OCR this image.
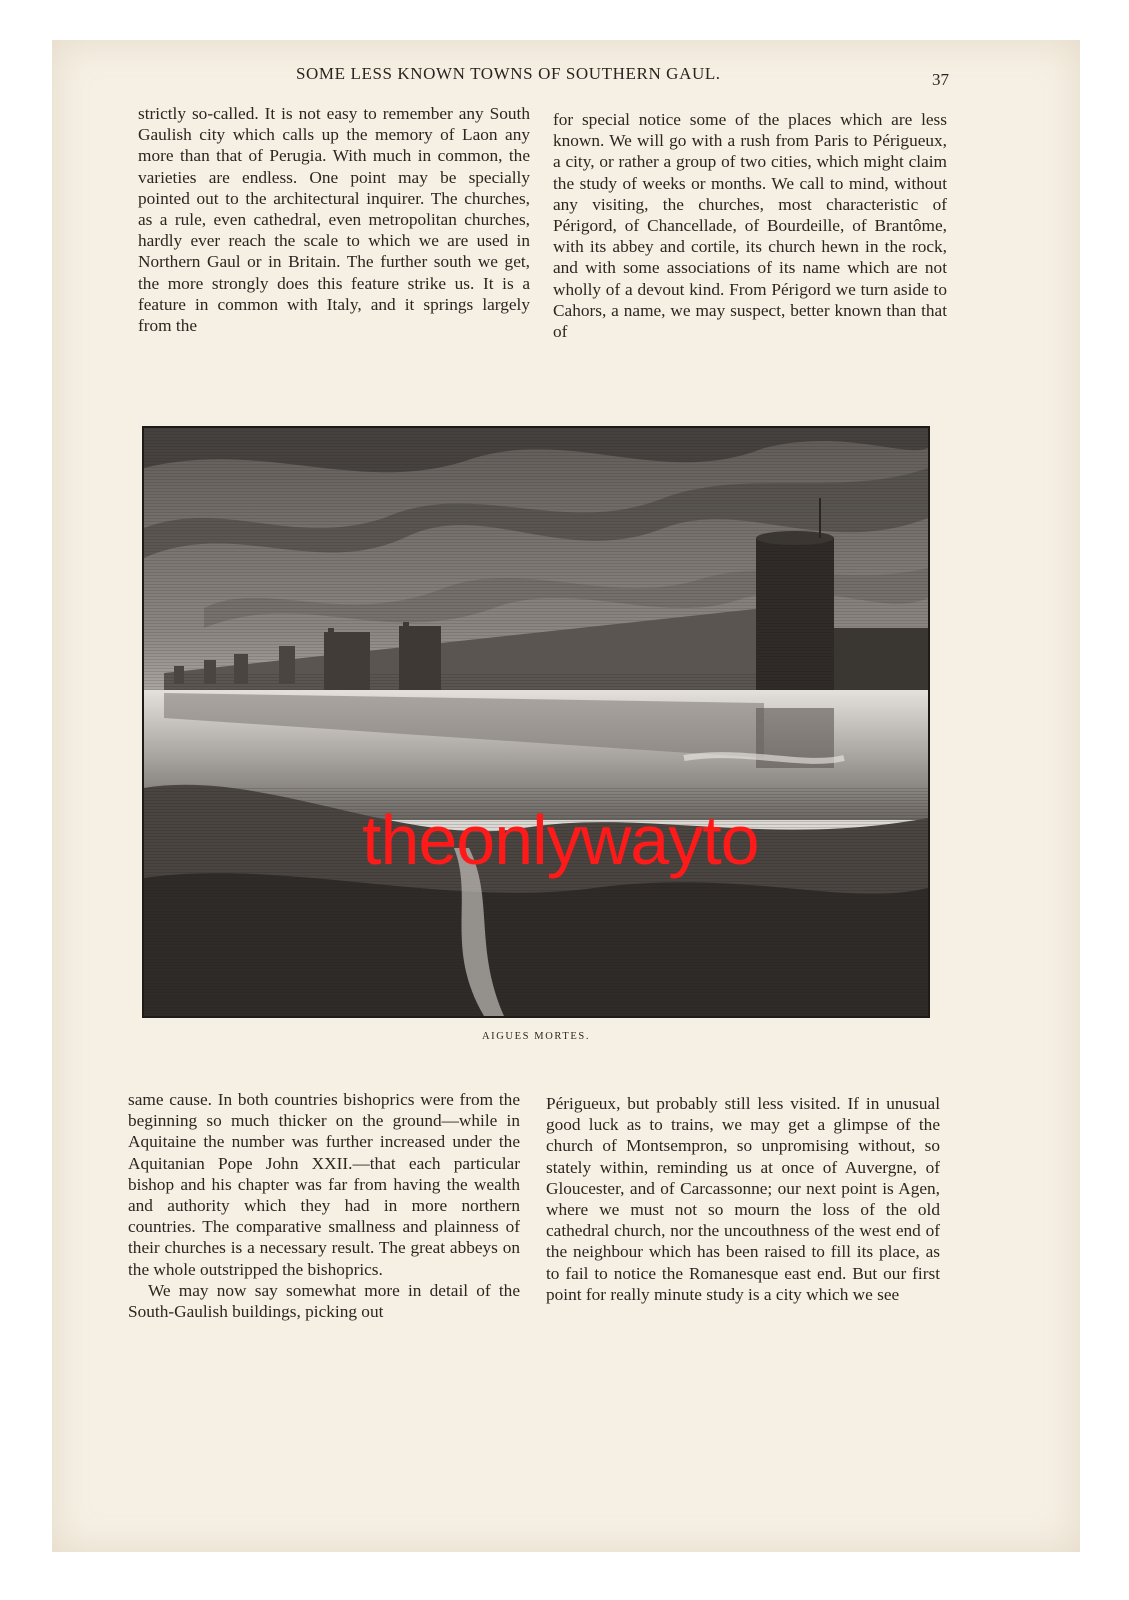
SOME LESS KNOWN TOWNS OF SOUTHERN GAUL.	37

strictly so-called. It is not easy to remember any South Gaulish city which calls up the memory of Laon any more than that of Perugia. With much in common, the varieties are endless. One point may be specially pointed out to the architectural inquirer. The churches, as a rule, even cathedral, even metropolitan churches, hardly ever reach the scale to which we are used in Northern Gaul or in Britain. The further south we get, the more strongly does this feature strike us. It is a feature in common with Italy, and it springs largely from the

for special notice some of the places which are less known. We will go with a rush from Paris to Périgueux, a city, or rather a group of two cities, which might claim the study of weeks or months. We call to mind, without any visiting, the churches, most characteristic of Périgord, of Chancellade, of Bourdeille, of Brantôme, with its abbey and cortile, its church hewn in the rock, and with some associations of its name which are not wholly of a devout kind. From Périgord we turn aside to Cahors, a name, we may suspect, better known than that of

AIGUES MORTES.
theonlywayto

same cause. In both countries bishoprics were from the beginning so much thicker on the ground—while in Aquitaine the number was further increased under the Aquitanian Pope John XXII.—that each particular bishop and his chapter was far from having the wealth and authority which they had in more northern countries. The comparative smallness and plainness of their churches is a necessary result. The great abbeys on the whole outstripped the bishoprics.

We may now say somewhat more in detail of the South-Gaulish buildings, picking out

Périgueux, but probably still less visited. If in unusual good luck as to trains, we may get a glimpse of the church of Montsempron, so unpromising without, so stately within, reminding us at once of Auvergne, of Gloucester, and of Carcassonne; our next point is Agen, where we must not so mourn the loss of the old cathedral church, nor the uncouthness of the west end of the neighbour which has been raised to fill its place, as to fail to notice the Romanesque east end. But our first point for really minute study is a city which we see
